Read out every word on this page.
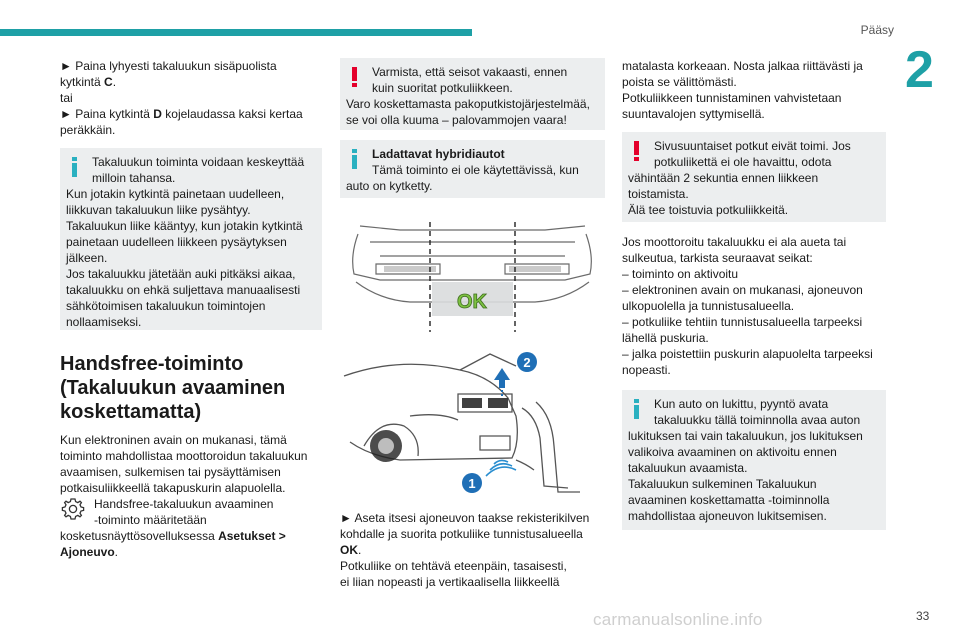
Pääsy
2
► Paina lyhyesti takaluukun sisäpuolista
kytkintä C.
tai
► Paina kytkintä D kojelaudassa kaksi kertaa
peräkkäin.
Takaluukun toiminta voidaan keskeyttää
milloin tahansa.
Kun jotakin kytkintä painetaan uudelleen,
liikkuvan takaluukun liike pysähtyy.
Takaluukun liike kääntyy, kun jotakin kytkintä
painetaan uudelleen liikkeen pysäytyksen
jälkeen.
Jos takaluukku jätetään auki pitkäksi aikaa,
takaluukku on ehkä suljettava manuaalisesti
sähkötoimisen takaluukun toimintojen
nollaamiseksi.
Handsfree-toiminto
(Takaluukun avaaminen
koskettamatta)
Kun elektroninen avain on mukanasi, tämä
toiminto mahdollistaa moottoroidun takaluukun
avaamisen, sulkemisen tai pysäyttämisen
potkaisuliikkeellä takapuskurin alapuolella.
Handsfree-takaluukun avaaminen
-toiminto määritetään
kosketusnäyttösovelluksessa Asetukset >
Ajoneuvo.
Varmista, että seisot vakaasti, ennen
kuin suoritat potkuliikkeen.
Varo koskettamasta pakoputkistojärjestelmää,
se voi olla kuuma – palovammojen vaara!
Ladattavat hybridiautot
Tämä toiminto ei ole käytettävissä, kun
auto on kytketty.
OK
2
1
► Aseta itsesi ajoneuvon taakse rekisterikilven
kohdalle ja suorita potkuliike tunnistusalueella
OK.
Potkuliike on tehtävä eteenpäin, tasaisesti,
ei liian nopeasti ja vertikaalisella liikkeellä
matalasta korkeaan. Nosta jalkaa riittävästi ja
poista se välittömästi.
Potkuliikkeen tunnistaminen vahvistetaan
suuntavalojen syttymisellä.
Sivusuuntaiset potkut eivät toimi. Jos
potkuliikettä ei ole havaittu, odota
vähintään 2 sekuntia ennen liikkeen
toistamista.
Älä tee toistuvia potkuliikkeitä.
Jos moottoroitu takaluukku ei ala aueta tai
sulkeutua, tarkista seuraavat seikat:
– toiminto on aktivoitu
– elektroninen avain on mukanasi, ajoneuvon
ulkopuolella ja tunnistusalueella.
– potkuliike tehtiin tunnistusalueella tarpeeksi
lähellä puskuria.
– jalka poistettiin puskurin alapuolelta tarpeeksi
nopeasti.
Kun auto on lukittu, pyyntö avata
takaluukku tällä toiminnolla avaa auton
lukituksen tai vain takaluukun, jos lukituksen
valikoiva avaaminen on aktivoitu ennen
takaluukun avaamista.
Takaluukun sulkeminen Takaluukun
avaaminen koskettamatta -toiminnolla
mahdollistaa ajoneuvon lukitsemisen.
33
carmanualsonline.info
